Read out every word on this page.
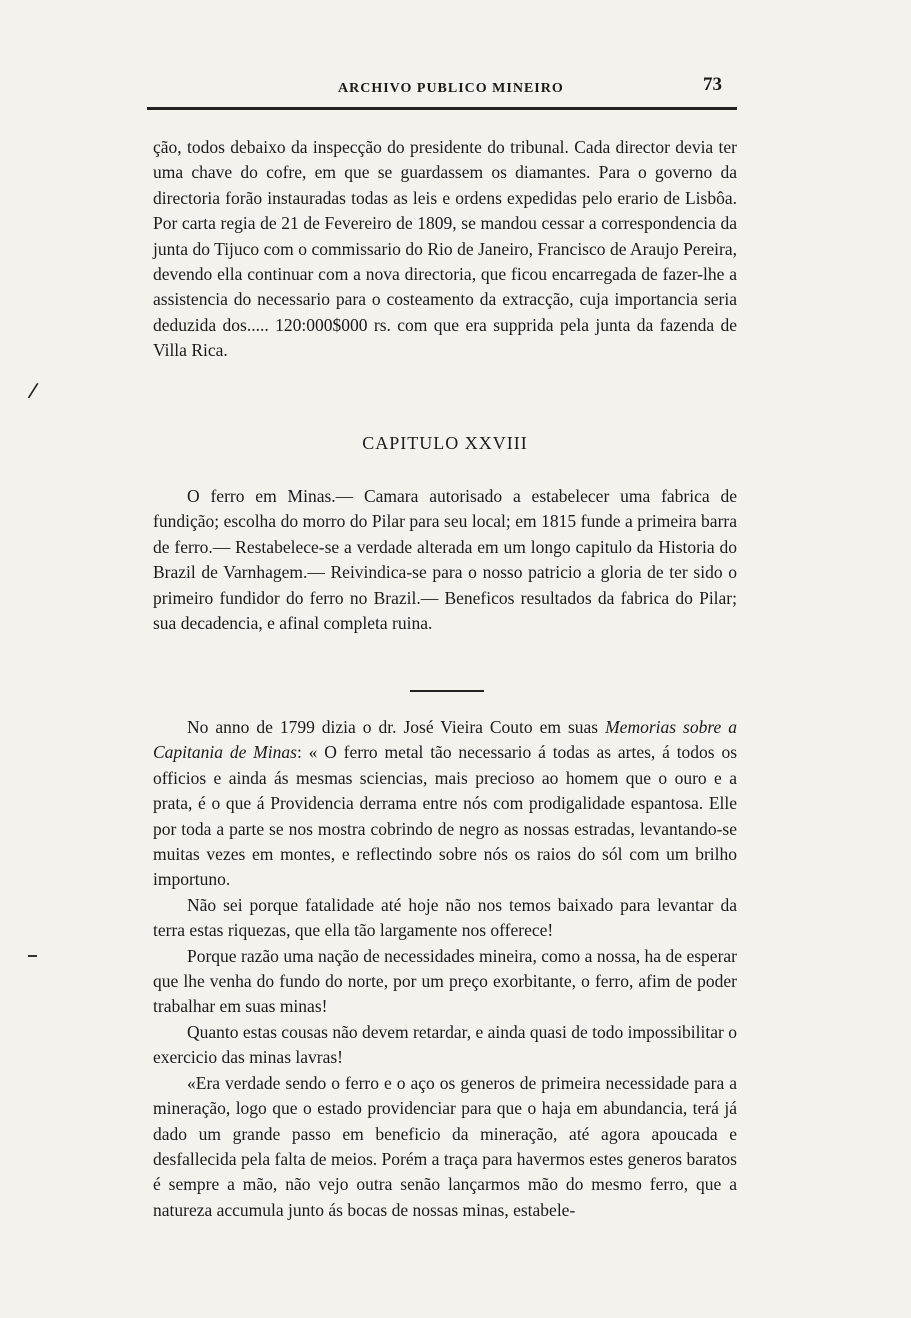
ARCHIVO PUBLICO MINEIRO	73
/

ção, todos debaixo da inspecção do presidente do tribunal. Cada director devia ter uma chave do cofre, em que se guardassem os diamantes. Para o governo da directoria forão instauradas todas as leis e ordens expedidas pelo erario de Lisbôa. Por carta regia de 21 de Fevereiro de 1809, se mandou cessar a correspondencia da junta do Tijuco com o commissario do Rio de Janeiro, Francisco de Araujo Pereira, devendo ella continuar com a nova directoria, que ficou encarregada de fazer-lhe a assistencia do necessario para o costeamento da extracção, cuja importancia seria deduzida dos..... 120:000$000 rs. com que era supprida pela junta da fazenda de Villa Rica.

CAPITULO XXVIII

O ferro em Minas.— Camara autorisado a estabelecer uma fabrica de fundição; escolha do morro do Pilar para seu local; em 1815 funde a primeira barra de ferro.— Restabelece-se a verdade alterada em um longo capitulo da Historia do Brazil de Varnhagem.— Reivindica-se para o nosso patricio a gloria de ter sido o primeiro fundidor do ferro no Brazil.— Beneficos resultados da fabrica do Pilar; sua decadencia, e afinal completa ruina.

No anno de 1799 dizia o dr. José Vieira Couto em suas Memorias sobre a Capitania de Minas: « O ferro metal tão necessario á todas as artes, á todos os officios e ainda ás mesmas sciencias, mais precioso ao homem que o ouro e a prata, é o que á Providencia derrama entre nós com prodigalidade espantosa. Elle por toda a parte se nos mostra cobrindo de negro as nossas estradas, levantando-se muitas vezes em montes, e reflectindo sobre nós os raios do sól com um brilho importuno.

Não sei porque fatalidade até hoje não nos temos baixado para levantar da terra estas riquezas, que ella tão largamente nos offerece!

Porque razão uma nação de necessidades mineira, como a nossa, ha de esperar que lhe venha do fundo do norte, por um preço exorbitante, o ferro, afim de poder trabalhar em suas minas!

Quanto estas cousas não devem retardar, e ainda quasi de todo impossibilitar o exercicio das minas lavras!

«Era verdade sendo o ferro e o aço os generos de primeira necessidade para a mineração, logo que o estado providenciar para que o haja em abundancia, terá já dado um grande passo em beneficio da mineração, até agora apoucada e desfallecida pela falta de meios. Porém a traça para havermos estes generos baratos é sempre a mão, não vejo outra senão lançarmos mão do mesmo ferro, que a natureza accumula junto ás bocas de nossas minas, estabele-
